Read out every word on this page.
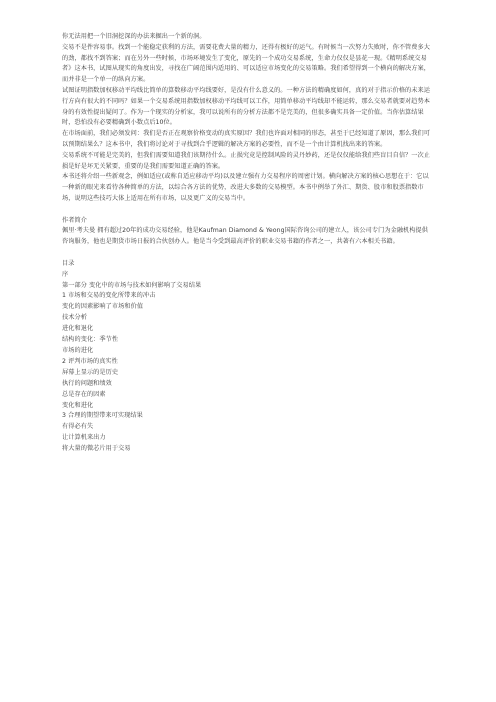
你无法用把一个旧洞挖深的办法来掘出一个新的洞。

交易不是件容易事。找到一个能稳定获利的方法，需要花费大量的精力，还得有极好的运气。有时候当一次努力失败时，你不管费多大的劲，都找不到答案；而在另外一些时候，市场环境发生了变化，原先的一个成功交易系统，生命力仅仅是昙花一现。《精明系统交易者》这本书，试图从现实的角度出发，寻找在广阔范围内适用的、可以适应市场变化的交易策略。我们希望得到一个横向的解决方案，而并非是一个单一的纵向方案。

试图证明指数加权移动平均线比简单的算数移动平均线要好，是没有什么意义的。一种方法的精确度如何，真的对于指示价格的未来运行方向有很大的不同吗？如果一个交易系统用指数加权移动平均线可以工作，用简单移动平均线却不能运转，那么交易者就要对趋势本身的有效性提出疑问了。作为一个现实的分析家，我可以说所有的分析方法都不是完美的，但很多确实具备一定价值。当你估算结果时，恐怕没有必要精确到小数点后10位。

在市场面前，我们必须发问：我们是否正在观察价格变动的真实原因？我们也许面对相同的形态，甚至于已经知道了原因，那么我们可以预期结果么？这本书中，我们将讨论对于寻找到合乎逻辑的解决方案的必要性，而不是一个由计算机找出来的答案。

交易系统不可能是完美的，但我们需要知道我们该期待什么。止损究竟是控制风险的灵丹妙药，还是仅仅能给我们些盲目自信？一次止损是好是坏无关紧要，重要的是我们需要知道正确的答案。

本书还将介绍一些新观念，例如适应(或称自适应移动平均)以及建立强有力交易程序的周密计划。横向解决方案的核心思想在于：它以一种新的眼光来看待各种简单的方法，以综合各方法的优势，改进大多数的交易模型。本书中例举了外汇、期货、股市和股票指数市场，说明这些技巧大体上适用在所有市场，以及更广义的交易当中。

作者简介

佩里·考夫曼 拥有超过20年的成功交易经验，他是Kaufman Diamond & Yeong国际咨询公司的建立人，该公司专门为金融机构提供咨询服务，他也是期货市场日报的合伙创办人。他是当今受到最高评价的职业交易书籍的作者之一，共著有六本相关书籍。

目录

序

第一部分 变化中的市场与技术如何影响了交易结果

1 市场和交易的变化所带来的冲击

变化的因素影响了市场和价值

技术分析

进化和退化

结构的变化：季节性

市场的进化

2 评判市场的真实性

屏幕上显示的是历史

执行的问题和绩效

总是存在的因素

变化和进化

3 合理的期望带来可实现结果

有得必有失

让计算机来出力

将大量的微芯片用于交易
